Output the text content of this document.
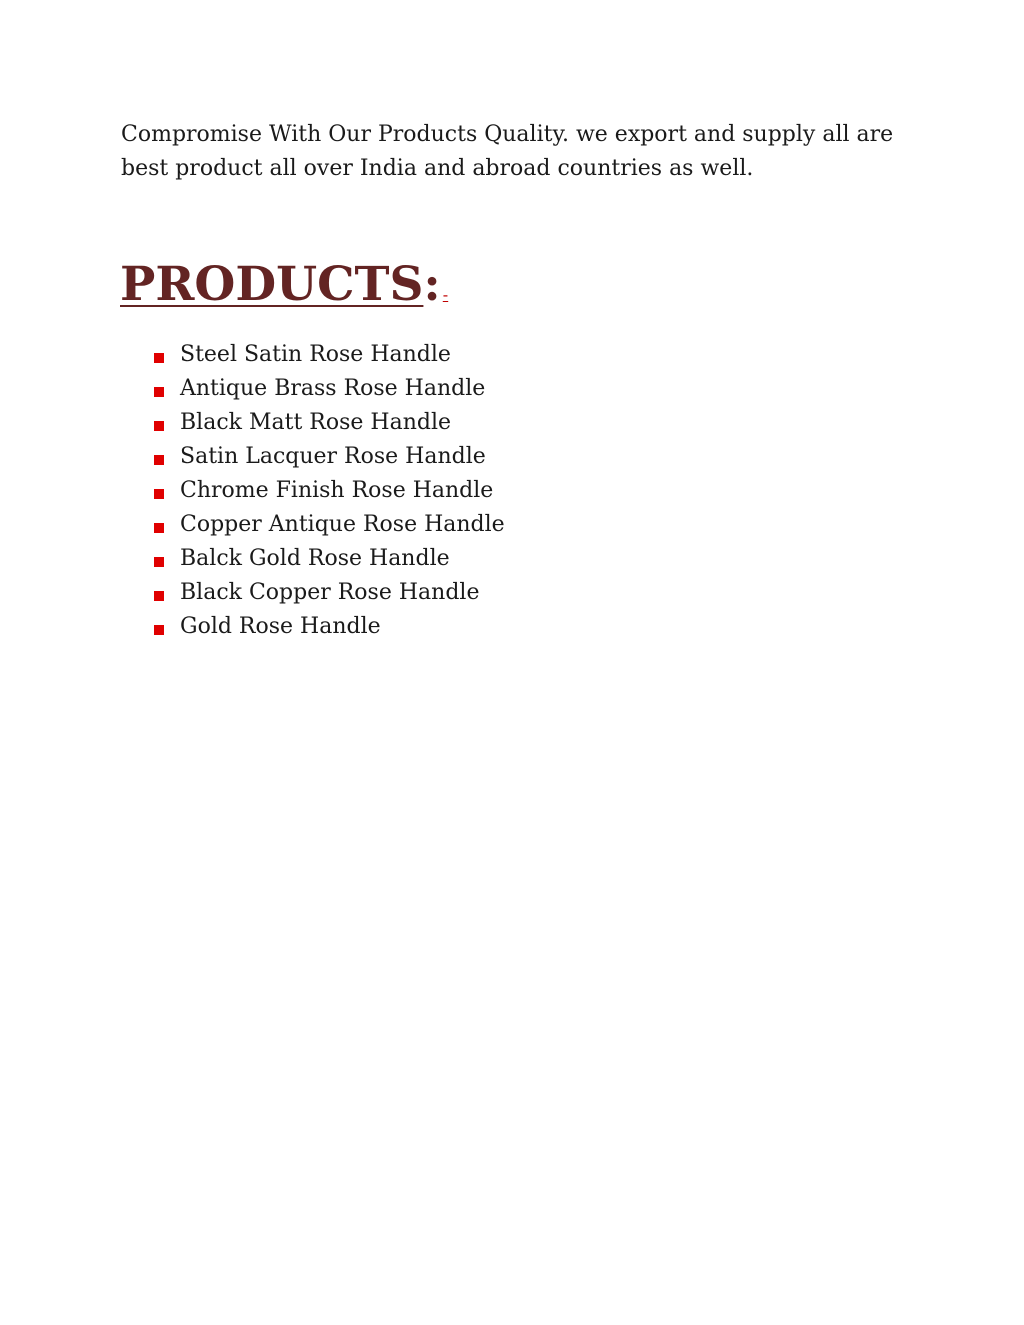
Compromise With Our Products Quality. we export and supply all are

best product all over India and abroad countries as well.

PRODUCTS: -
Steel Satin Rose Handle
Antique Brass Rose Handle
Black Matt Rose Handle
Satin Lacquer Rose Handle
Chrome Finish Rose Handle
Copper Antique Rose Handle
Balck Gold Rose Handle
Black Copper Rose Handle
Gold Rose Handle
